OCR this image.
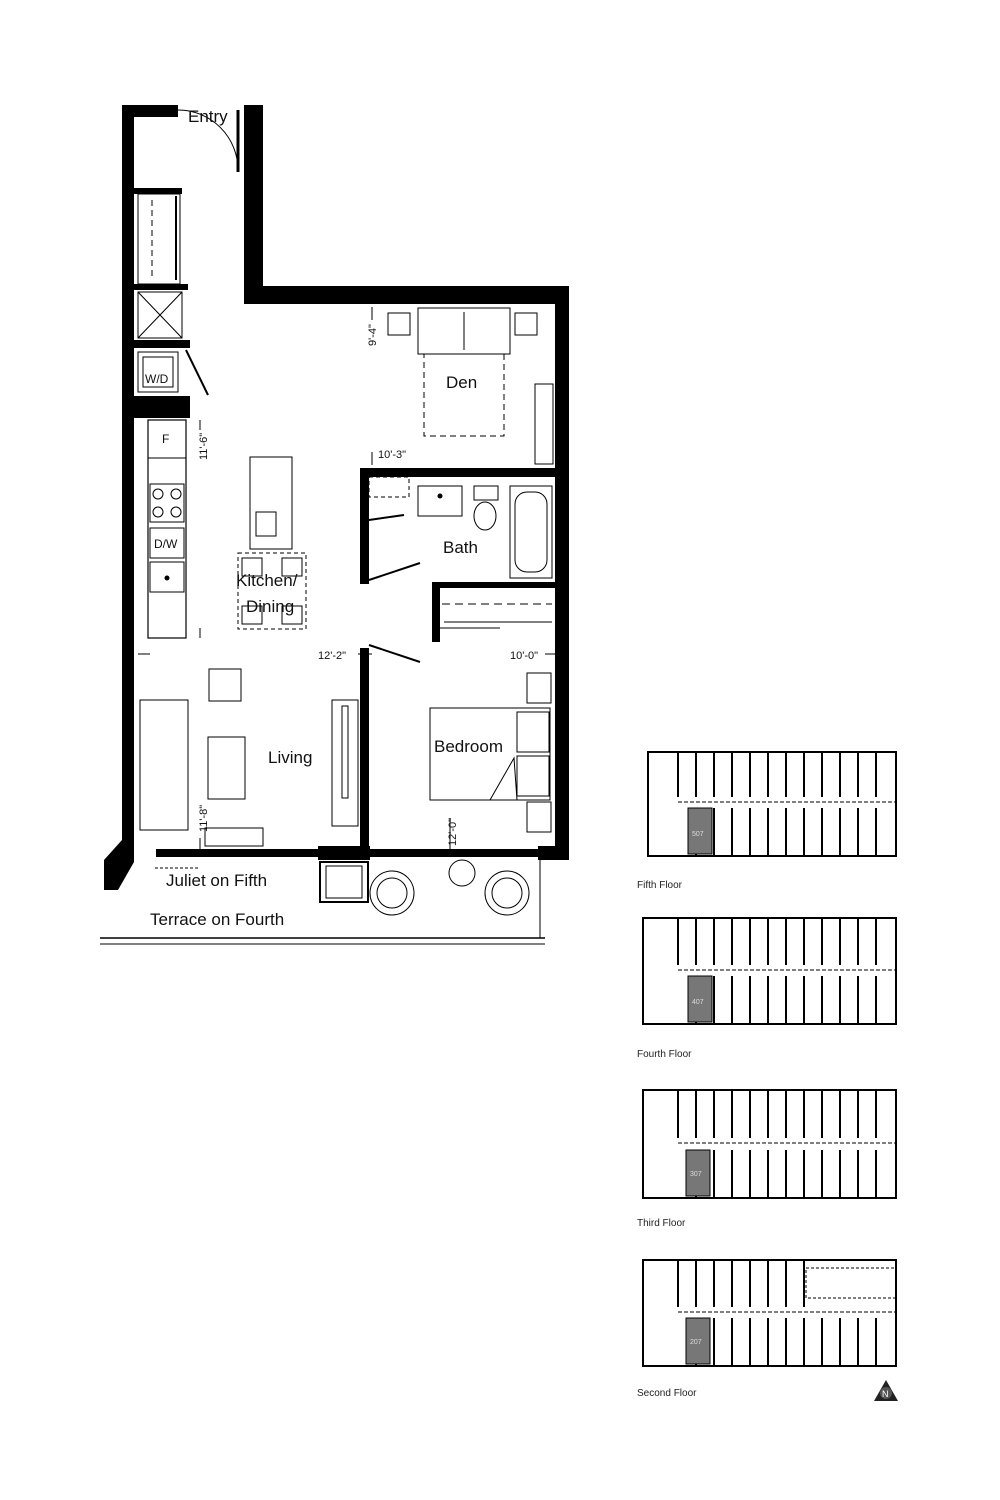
Entry
Den
Bath
Kitchen/
Dining
Living
Bedroom
Juliet on Fifth
Terrace on Fourth
W/D
F
D/W
9'-4"
10'-3"
11'-6"
12'-2"
11'-8"
10'-0"
12'-0"	507
407
307
207
N
Fifth Floor
Fourth Floor
Third Floor
Second Floor
